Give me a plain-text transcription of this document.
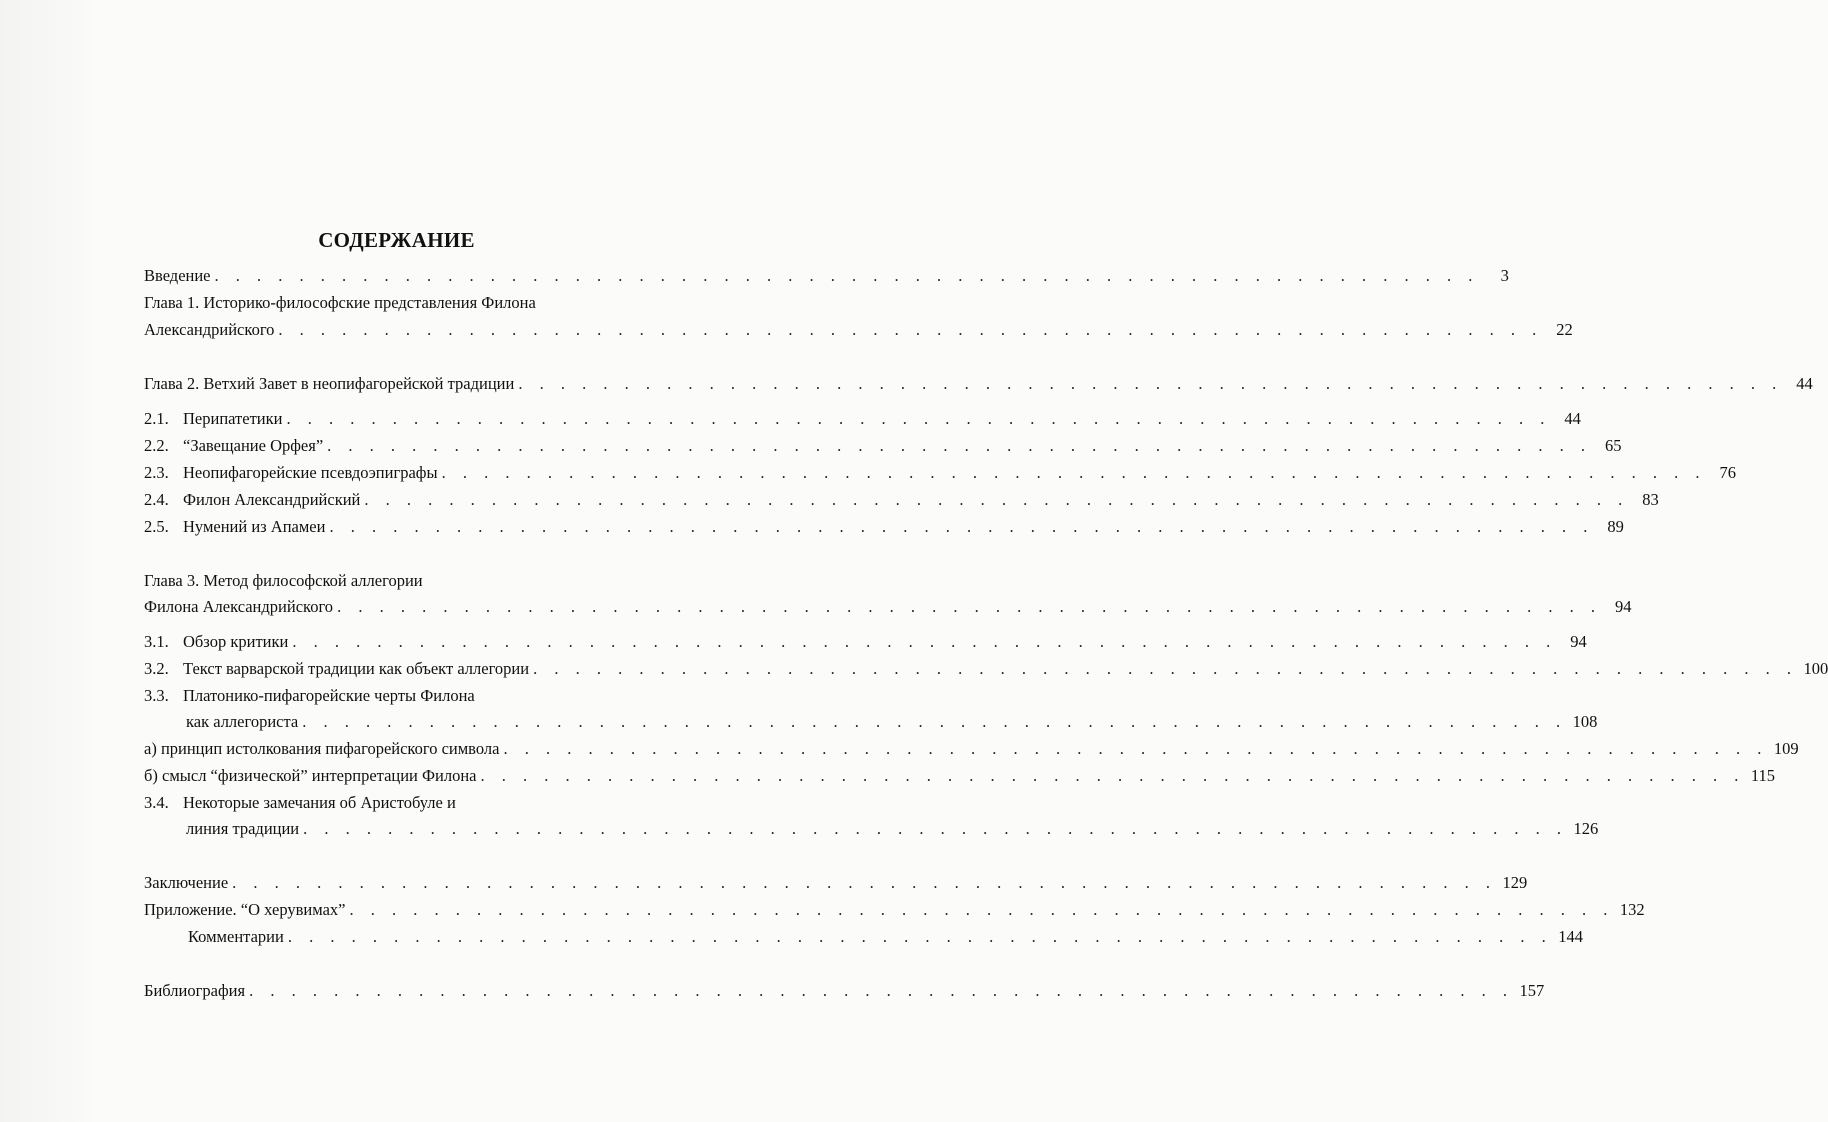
СОДЕРЖАНИЕ
Введение . . . . . . . . . . . . . . . . . . . . . . . . . . . . . . . . . . . . . . . . . . . . . . . . . . . . . . . . . . . .	3
Глава 1. Историко-философские представления Филона
Александрийского . . . . . . . . . . . . . . . . . . . . . . . . . . . . . . . . . . . . . . . . . . . . . . . . . . . . . . . . . . . . 22
Глава 2. Ветхий Завет в неопифагорейской традиции . . . . . . . . . . . . . . . . . . . . . . . . . . . . . . . . . . . . . . . . . . . . . . . . . . . . . . . . . . . . 44
2.1. Перипатетики . . . . . . . . . . . . . . . . . . . . . . . . . . . . . . . . . . . . . . . . . . . . . . . . . . . . . . . . . . . . 44
2.2. “Завещание Орфея” . . . . . . . . . . . . . . . . . . . . . . . . . . . . . . . . . . . . . . . . . . . . . . . . . . . . . . . . . . . . 65
2.3. Неопифагорейские псевдоэпиграфы . . . . . . . . . . . . . . . . . . . . . . . . . . . . . . . . . . . . . . . . . . . . . . . . . . . . . . . . . . . . 76
2.4. Филон Александрийский . . . . . . . . . . . . . . . . . . . . . . . . . . . . . . . . . . . . . . . . . . . . . . . . . . . . . . . . . . . . 83
2.5. Нумений из Апамеи . . . . . . . . . . . . . . . . . . . . . . . . . . . . . . . . . . . . . . . . . . . . . . . . . . . . . . . . . . . . 89
Глава 3. Метод философской аллегории
Филона Александрийского . . . . . . . . . . . . . . . . . . . . . . . . . . . . . . . . . . . . . . . . . . . . . . . . . . . . . . . . . . . . 94
3.1. Обзор критики . . . . . . . . . . . . . . . . . . . . . . . . . . . . . . . . . . . . . . . . . . . . . . . . . . . . . . . . . . . . 94
3.2. Текст варварской традиции как объект аллегории . . . . . . . . . . . . . . . . . . . . . . . . . . . . . . . . . . . . . . . . . . . . . . . . . . . . . . . . . . . . 100
3.3. Платонико-пифагорейские черты Филона
как аллегориста . . . . . . . . . . . . . . . . . . . . . . . . . . . . . . . . . . . . . . . . . . . . . . . . . . . . . . . . . . . . 108
а) принцип истолкования пифагорейского символа . . . . . . . . . . . . . . . . . . . . . . . . . . . . . . . . . . . . . . . . . . . . . . . . . . . . . . . . . . . . 109
б) смысл “физической” интерпретации Филона . . . . . . . . . . . . . . . . . . . . . . . . . . . . . . . . . . . . . . . . . . . . . . . . . . . . . . . . . . . . 115
3.4. Некоторые замечания об Аристобуле и
линия традиции . . . . . . . . . . . . . . . . . . . . . . . . . . . . . . . . . . . . . . . . . . . . . . . . . . . . . . . . . . . . 126
Заключение . . . . . . . . . . . . . . . . . . . . . . . . . . . . . . . . . . . . . . . . . . . . . . . . . . . . . . . . . . . . 129
Приложение. “О херувимах” . . . . . . . . . . . . . . . . . . . . . . . . . . . . . . . . . . . . . . . . . . . . . . . . . . . . . . . . . . . . 132
Комментарии . . . . . . . . . . . . . . . . . . . . . . . . . . . . . . . . . . . . . . . . . . . . . . . . . . . . . . . . . . . . 144
Библиография . . . . . . . . . . . . . . . . . . . . . . . . . . . . . . . . . . . . . . . . . . . . . . . . . . . . . . . . . . . . 157
